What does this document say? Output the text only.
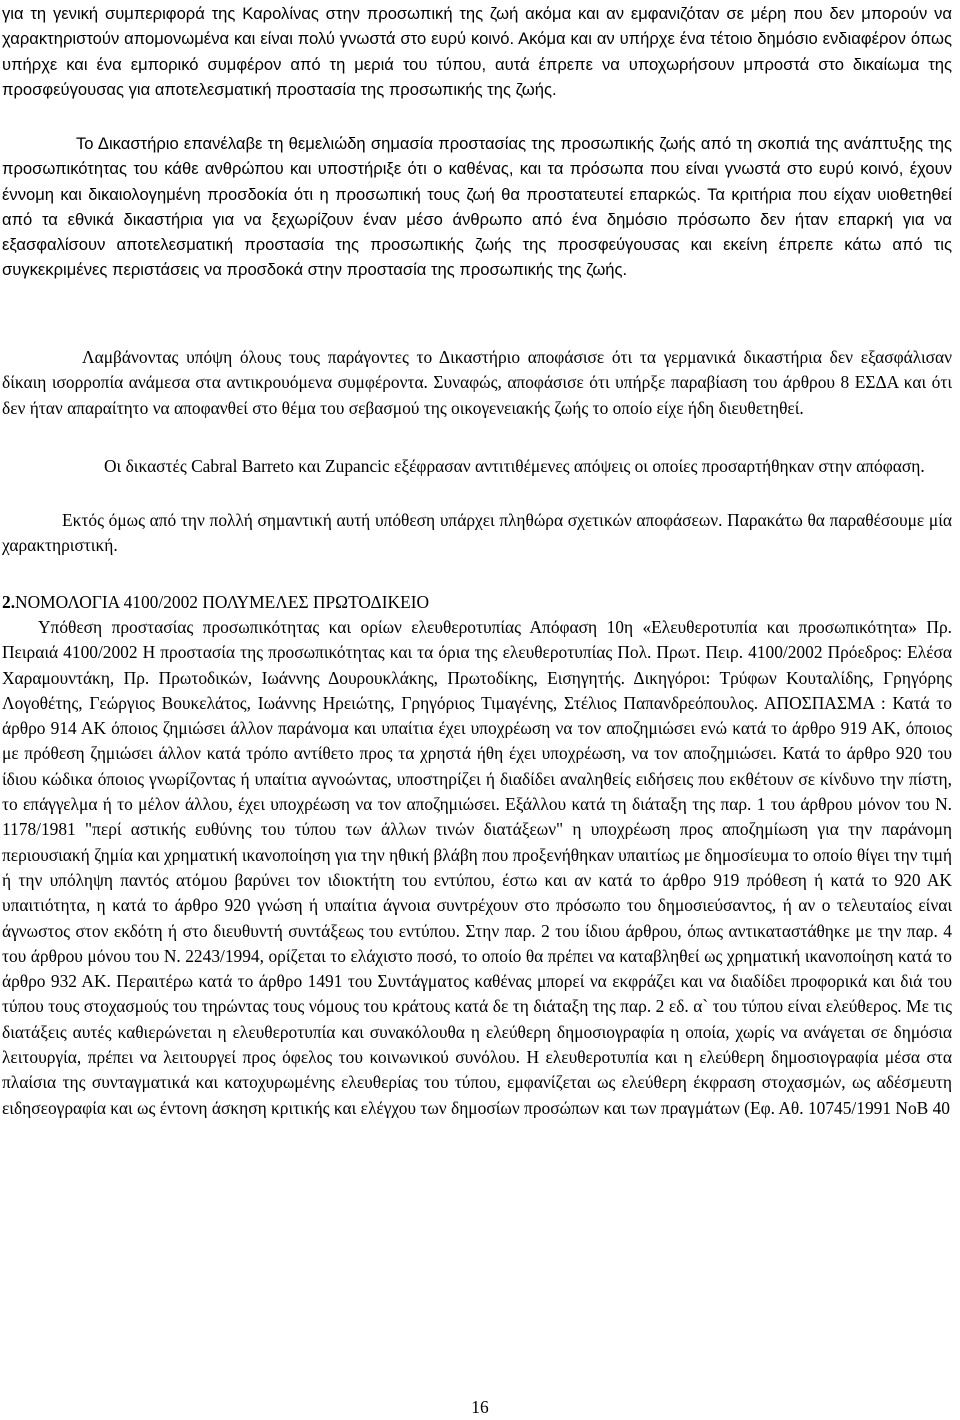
για τη γενική συμπεριφορά της Καρολίνας στην προσωπική της ζωή ακόμα και αν εμφανιζόταν σε μέρη που δεν μπορούν να χαρακτηριστούν απομονωμένα και είναι πολύ γνωστά στο ευρύ κοινό. Ακόμα και αν υπήρχε ένα τέτοιο δημόσιο ενδιαφέρον όπως υπήρχε και ένα εμπορικό συμφέρον από τη μεριά του τύπου, αυτά έπρεπε να υποχωρήσουν μπροστά στο δικαίωμα της προσφεύγουσας για αποτελεσματική προστασία της προσωπικής της ζωής.

Το Δικαστήριο επανέλαβε τη θεμελιώδη σημασία προστασίας της προσωπικής ζωής από τη σκοπιά της ανάπτυξης της προσωπικότητας του κάθε ανθρώπου και υποστήριξε ότι ο καθένας, και τα πρόσωπα που είναι γνωστά στο ευρύ κοινό, έχουν έννομη και δικαιολογημένη προσδοκία ότι η προσωπική τους ζωή θα προστατευτεί επαρκώς. Τα κριτήρια που είχαν υιοθετηθεί από τα εθνικά δικαστήρια για να ξεχωρίζουν έναν μέσο άνθρωπο από ένα δημόσιο πρόσωπο δεν ήταν επαρκή για να εξασφαλίσουν αποτελεσματική προστασία της προσωπικής ζωής της προσφεύγουσας και εκείνη έπρεπε κάτω από τις συγκεκριμένες περιστάσεις να προσδοκά στην προστασία της προσωπικής της ζωής.

Λαμβάνοντας υπόψη όλους τους παράγοντες το Δικαστήριο αποφάσισε ότι τα γερμανικά δικαστήρια δεν εξασφάλισαν δίκαιη ισορροπία ανάμεσα στα αντικρουόμενα συμφέροντα. Συναφώς, αποφάσισε ότι υπήρξε παραβίαση του άρθρου 8 ΕΣΔΑ και ότι δεν ήταν απαραίτητο να αποφανθεί στο θέμα του σεβασμού της οικογενειακής ζωής το οποίο είχε ήδη διευθετηθεί.

Οι δικαστές Cabral Barreto και Zupancic εξέφρασαν αντιτιθέμενες απόψεις οι οποίες προσαρτήθηκαν στην απόφαση.

Εκτός όμως από την πολλή σημαντική αυτή υπόθεση υπάρχει πληθώρα σχετικών αποφάσεων. Παρακάτω θα παραθέσουμε μία χαρακτηριστική.

2.ΝΟΜΟΛΟΓΙΑ 4100/2002 ΠΟΛΥΜΕΛΕΣ ΠΡΩΤΟΔΙΚΕΙΟ

Υπόθεση προστασίας προσωπικότητας και ορίων ελευθεροτυπίας Απόφαση 10η «Ελευθεροτυπία και προσωπικότητα» Πρ. Πειραιά 4100/2002 Η προστασία της προσωπικότητας και τα όρια της ελευθεροτυπίας Πολ. Πρωτ. Πειρ. 4100/2002 Πρόεδρος: Ελέσα Χαραμουντάκη, Πρ. Πρωτοδικών, Ιωάννης Δουρουκλάκης, Πρωτοδίκης, Εισηγητής. Δικηγόροι: Τρύφων Κουταλίδης, Γρηγόρης Λογοθέτης, Γεώργιος Βουκελάτος, Ιωάννης Ηρειώτης, Γρηγόριος Τιμαγένης, Στέλιος Παπανδρεόπουλος. ΑΠΟΣΠΑΣΜΑ : Κατά το άρθρο 914 ΑΚ όποιος ζημιώσει άλλον παράνομα και υπαίτια έχει υποχρέωση να τον αποζημιώσει ενώ κατά το άρθρο 919 ΑΚ, όποιος με πρόθεση ζημιώσει άλλον κατά τρόπο αντίθετο προς τα χρηστά ήθη έχει υποχρέωση, να τον αποζημιώσει. Κατά το άρθρο 920 του ίδιου κώδικα όποιος γνωρίζοντας ή υπαίτια αγνοώντας, υποστηρίζει ή διαδίδει αναληθείς ειδήσεις που εκθέτουν σε κίνδυνο την πίστη, το επάγγελμα ή το μέλον άλλου, έχει υποχρέωση να τον αποζημιώσει. Εξάλλου κατά τη διάταξη της παρ. 1 του άρθρου μόνον του Ν. 1178/1981 "περί αστικής ευθύνης του τύπου των άλλων τινών διατάξεων" η υποχρέωση προς αποζημίωση για την παράνομη περιουσιακή ζημία και χρηματική ικανοποίηση για την ηθική βλάβη που προξενήθηκαν υπαιτίως με δημοσίευμα το οποίο θίγει την τιμή ή την υπόληψη παντός ατόμου βαρύνει τον ιδιοκτήτη του εντύπου, έστω και αν κατά το άρθρο 919 πρόθεση ή κατά το 920 ΑΚ υπαιτιότητα, η κατά το άρθρο 920 γνώση ή υπαίτια άγνοια συντρέχουν στο πρόσωπο του δημοσιεύσαντος, ή αν ο τελευταίος είναι άγνωστος στον εκδότη ή στο διευθυντή συντάξεως του εντύπου. Στην παρ. 2 του ίδιου άρθρου, όπως αντικαταστάθηκε με την παρ. 4 του άρθρου μόνου του Ν. 2243/1994, ορίζεται το ελάχιστο ποσό, το οποίο θα πρέπει να καταβληθεί ως χρηματική ικανοποίηση κατά το άρθρο 932 ΑΚ. Περαιτέρω κατά το άρθρο 1491 του Συντάγματος καθένας μπορεί να εκφράζει και να διαδίδει προφορικά και διά του τύπου τους στοχασμούς του τηρώντας τους νόμους του κράτους κατά δε τη διάταξη της παρ. 2 εδ. α` του τύπου είναι ελεύθερος. Με τις διατάξεις αυτές καθιερώνεται η ελευθεροτυπία και συνακόλουθα η ελεύθερη δημοσιογραφία η οποία, χωρίς να ανάγεται σε δημόσια λειτουργία, πρέπει να λειτουργεί προς όφελος του κοινωνικού συνόλου. Η ελευθεροτυπία και η ελεύθερη δημοσιογραφία μέσα στα πλαίσια της συνταγματικά και κατοχυρωμένης ελευθερίας του τύπου, εμφανίζεται ως ελεύθερη έκφραση στοχασμών, ως αδέσμευτη ειδησεογραφία και ως έντονη άσκηση κριτικής και ελέγχου των δημοσίων προσώπων και των πραγμάτων (Εφ. Αθ. 10745/1991 ΝοΒ 40

16
